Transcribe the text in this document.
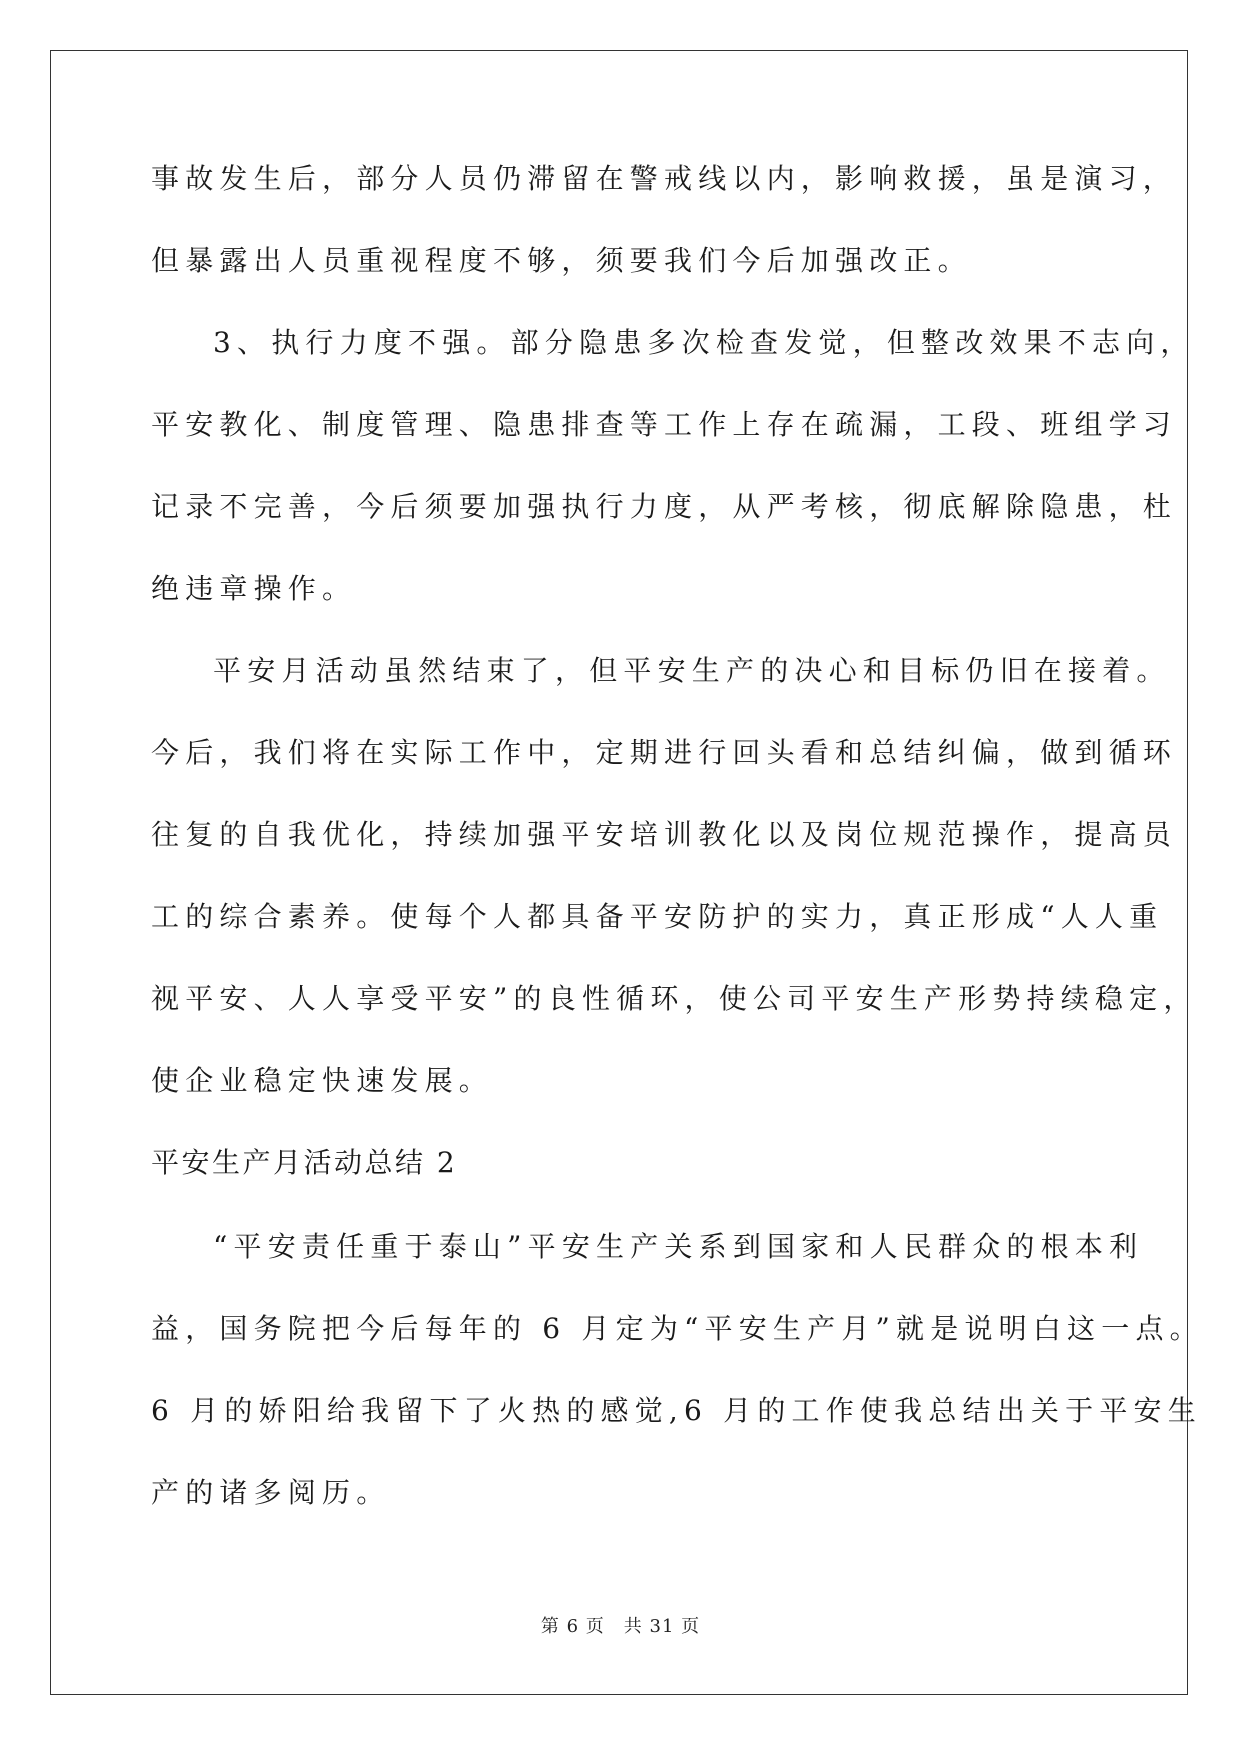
事故发生后，部分人员仍滞留在警戒线以内，影响救援，虽是演习，
但暴露出人员重视程度不够，须要我们今后加强改正。
3、执行力度不强。部分隐患多次检查发觉，但整改效果不志向，
平安教化、制度管理、隐患排查等工作上存在疏漏，工段、班组学习
记录不完善，今后须要加强执行力度，从严考核，彻底解除隐患，杜
绝违章操作。
平安月活动虽然结束了，但平安生产的决心和目标仍旧在接着。
今后，我们将在实际工作中，定期进行回头看和总结纠偏，做到循环
往复的自我优化，持续加强平安培训教化以及岗位规范操作，提高员
工的综合素养。使每个人都具备平安防护的实力，真正形成“人人重
视平安、人人享受平安”的良性循环，使公司平安生产形势持续稳定，
使企业稳定快速发展。
平安生产月活动总结 2
“平安责任重于泰山”平安生产关系到国家和人民群众的根本利
益，国务院把今后每年的 6 月定为“平安生产月”就是说明白这一点。
6 月的娇阳给我留下了火热的感觉,6 月的工作使我总结出关于平安生
产的诸多阅历。
第 6 页　共 31 页
